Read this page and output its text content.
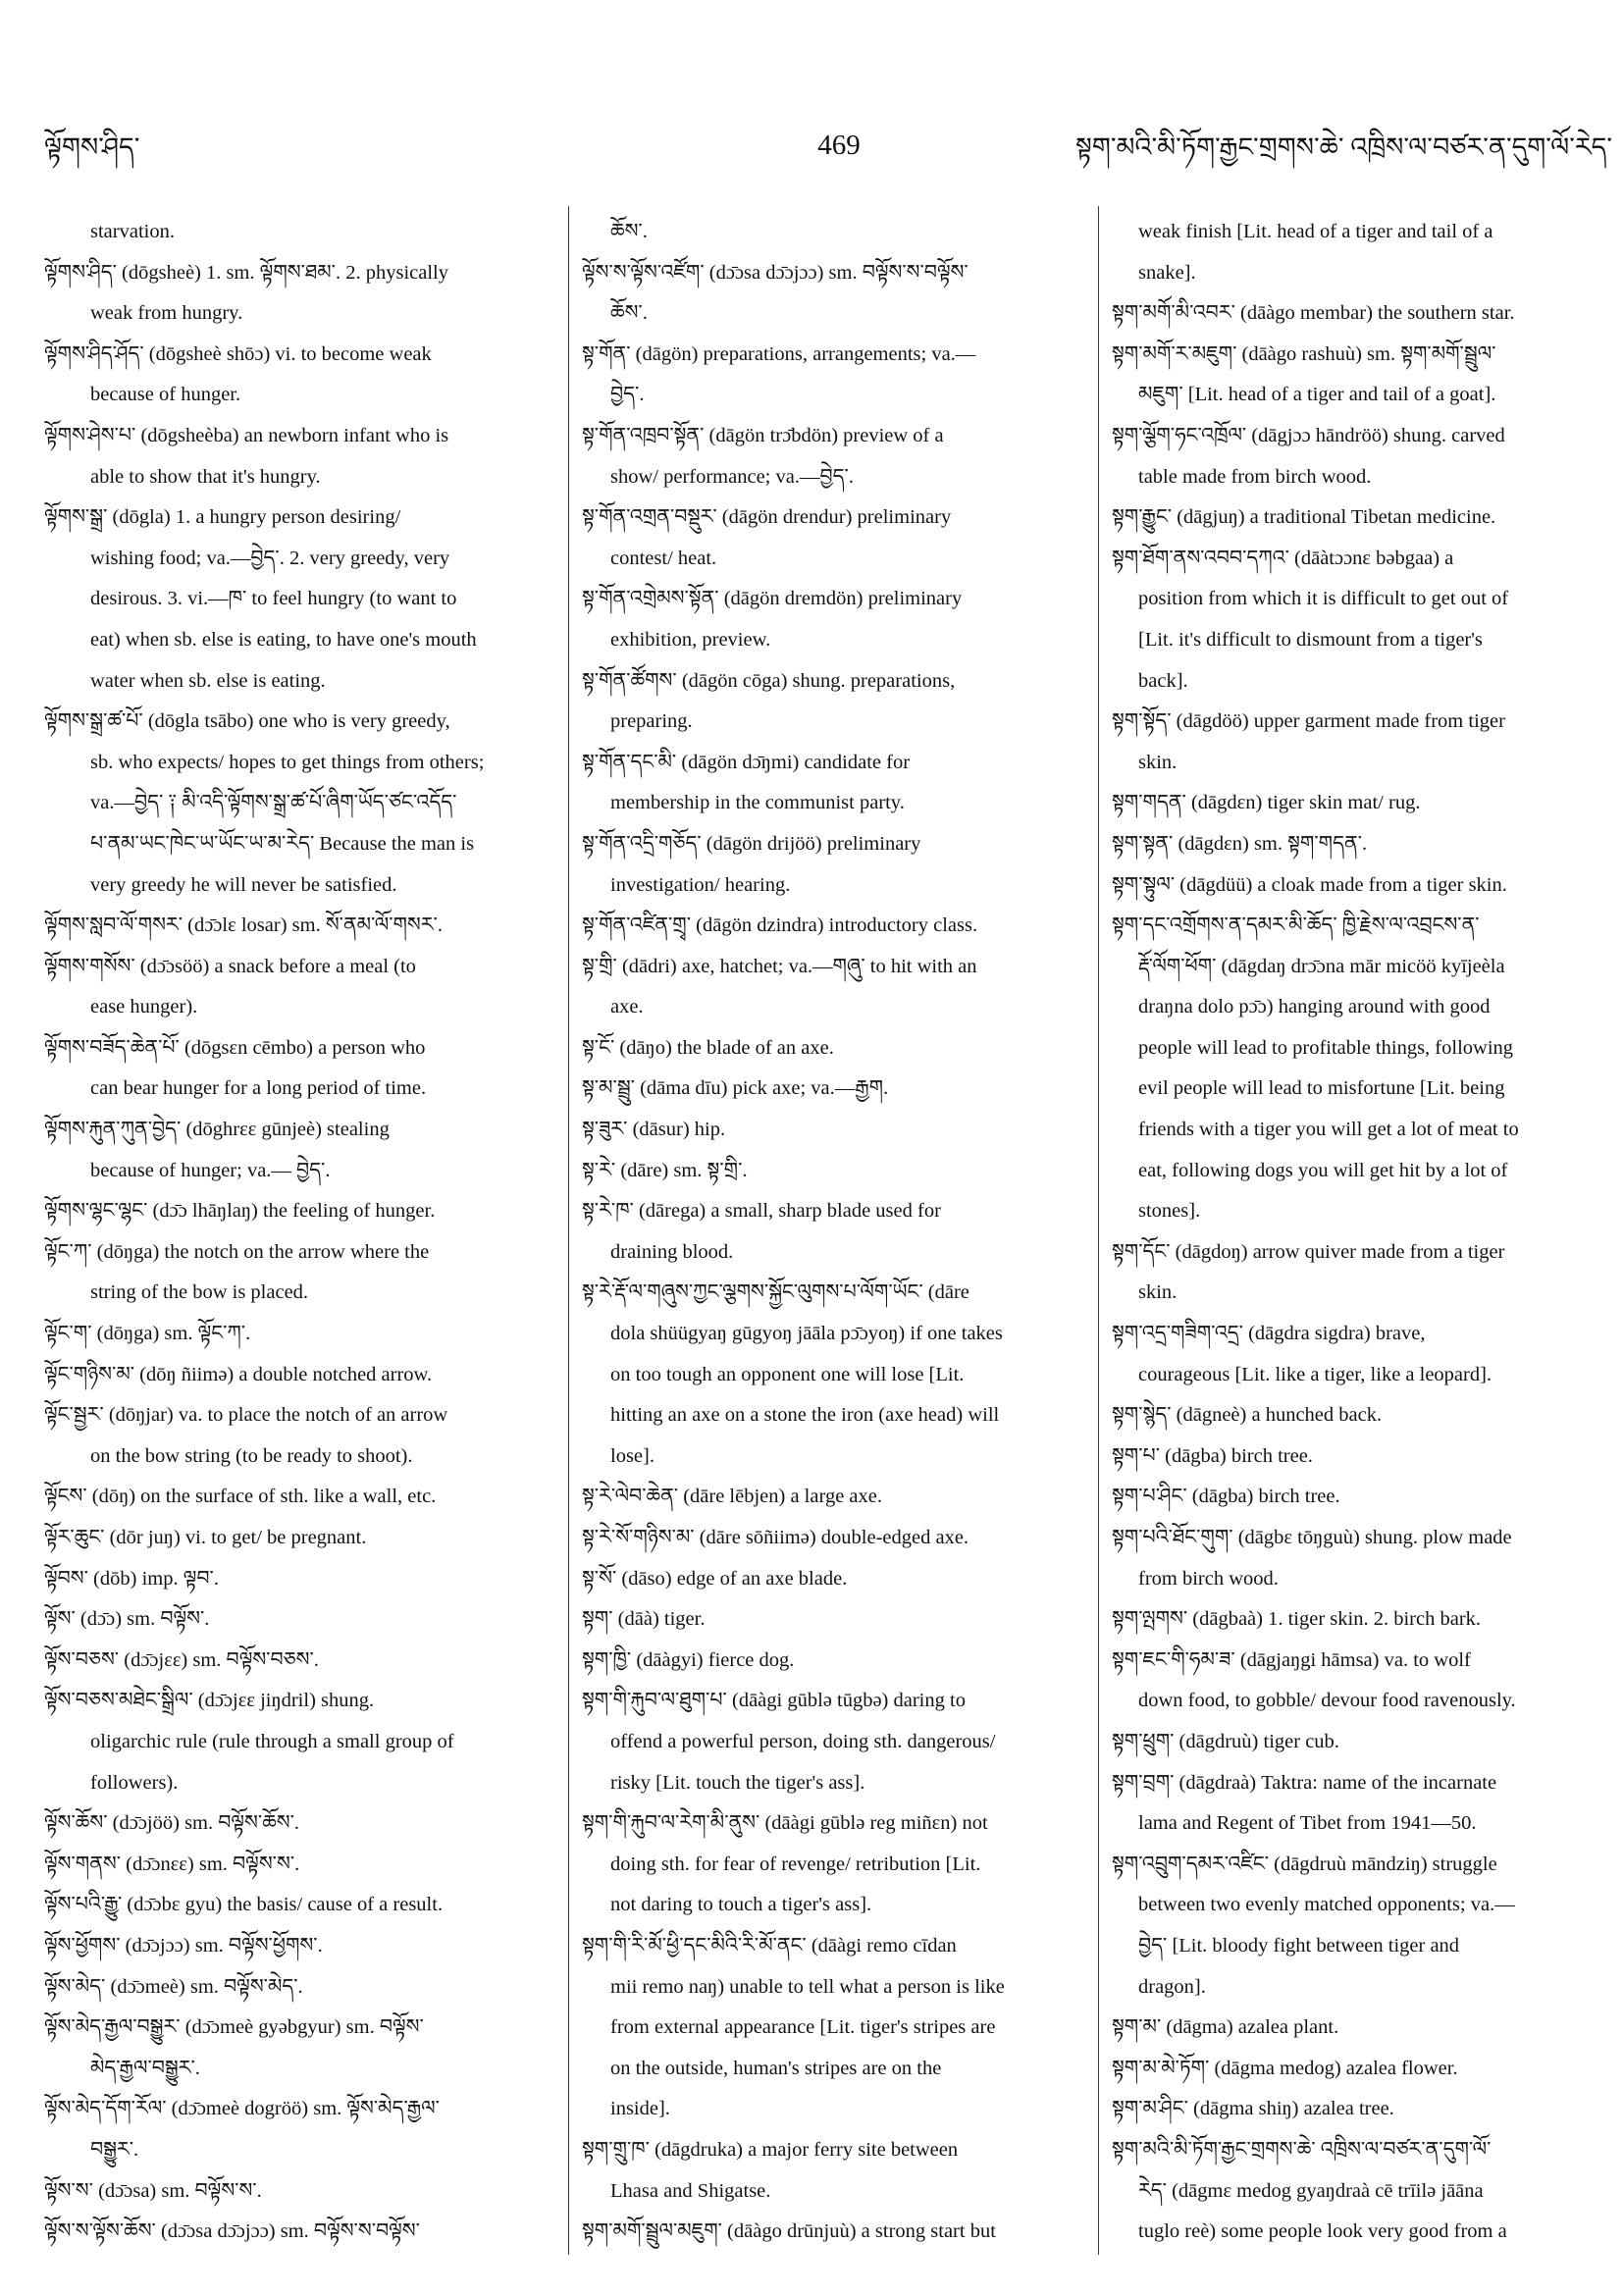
ལྟོགས་ཤིད་	469	སྟག་མའི་མི་ཏོག་རྒྱང་གྲགས་ཆེ་ འཁྲིས་ལ་བཙར་ན་དུག་ལོ་རེད་
starvation.
ལྟོགས་ཤིད་ (dōgsheè) 1. sm. ལྟོགས་ཐམ་. 2. physically
weak from hungry.
ལྟོགས་ཤིད་ཤོད་ (dōgsheè shōɔ) vi. to become weak
because of hunger.
ལྟོགས་ཤེས་པ་ (dōgsheèba) an newborn infant who is
able to show that it's hungry.
ལྟོགས་སྒྲ་ (dōgla) 1. a hungry person desiring/
wishing food; va.—བྱེད་. 2. very greedy, very
desirous. 3. vi.—ཁ་ to feel hungry (to want to
eat) when sb. else is eating, to have one's mouth
water when sb. else is eating.
ལྟོགས་སྒྲ་ཚ་པོ་ (dōgla tsābo) one who is very greedy,
sb. who expects/ hopes to get things from others;
va.—བྱེད་ ༑ མི་འདི་ལྟོགས་སྒྲ་ཚ་པོ་ཞིག་ཡོད་ཙང་འདོད་
པ་ནམ་ཡང་ཁེང་ཡ་ཡོང་ཡ་མ་རེད་ Because the man is
very greedy he will never be satisfied.
ལྟོགས་སླབ་ལོ་གསར་ (dɔ̄ɔlɛ losar) sm. སོ་ནམ་ལོ་གསར་.
ལྟོགས་གསོས་ (dɔ̄ɔsöö) a snack before a meal (to
ease hunger).
ལྟོགས་བཟོད་ཆེན་པོ་ (dōgsɛn cēmbo) a person who
can bear hunger for a long period of time.
ལྟོགས་རྐུན་ཀུན་བྱེད་ (dōghrɛɛ gūnjeè) stealing
because of hunger; va.— བྱེད་.
ལྟོགས་ལྷང་ལྷང་ (dɔ̄ɔ lhāŋlaŋ) the feeling of hunger.
ལྟོང་ཀ་ (dōŋga) the notch on the arrow where the
string of the bow is placed.
ལྟོང་ག་ (dōŋga) sm. ལྟོང་ཀ་.
ལྟོང་གཉིས་མ་ (dōŋ ñiimə) a double notched arrow.
ལྟོང་སྦྱར་ (dōŋjar) va. to place the notch of an arrow
on the bow string (to be ready to shoot).
ལྟོངས་ (dōŋ) on the surface of sth. like a wall, etc.
ལྟོར་ཆུང་ (dōr juŋ) vi. to get/ be pregnant.
ལྟོབས་ (dōb) imp. ལྟབ་.
ལྟོས་ (dɔ̄ɔ) sm. བལྟོས་.
ལྟོས་བཅས་ (dɔ̄ɔjɛɛ) sm. བལྟོས་བཅས་.
ལྟོས་བཅས་མཐེང་སྒྲིལ་ (dɔ̄ɔjɛɛ jiŋdril) shung.
oligarchic rule (rule through a small group of
followers).
ལྟོས་ཆོས་ (dɔ̄ɔjöö) sm. བལྟོས་ཆོས་.
ལྟོས་གནས་ (dɔ̄ɔnɛɛ) sm. བལྟོས་ས་.
ལྟོས་པའི་རྒྱུ་ (dɔ̄ɔbɛ gyu) the basis/ cause of a result.
ལྟོས་ཕྱོགས་ (dɔ̄ɔjɔɔ) sm. བལྟོས་ཕྱོགས་.
ལྟོས་མེད་ (dɔ̄ɔmeè) sm. བལྟོས་མེད་.
ལྟོས་མེད་རྒྱལ་བསྒྱུར་ (dɔ̄ɔmeè gyəbgyur) sm. བལྟོས་
མེད་རྒྱལ་བསྒྱུར་.
ལྟོས་མེད་དོག་རོལ་ (dɔ̄ɔmeè dogröö) sm. ལྟོས་མེད་རྒྱལ་
བསྒྱུར་.
ལྟོས་ས་ (dɔ̄ɔsa) sm. བལྟོས་ས་.
ལྟོས་ས་ལྟོས་ཆོས་ (dɔ̄ɔsa dɔ̄ɔjɔɔ) sm. བལྟོས་ས་བལྟོས་
ཆོས་.
ལྟོས་ས་ལྟོས་འཛོག་ (dɔ̄ɔsa dɔ̄ɔjɔɔ) sm. བལྟོས་ས་བལྟོས་
ཆོས་.
སྟ་གོན་ (dāgön) preparations, arrangements; va.—
བྱེད་.
སྟ་གོན་འཁྲབ་སྟོན་ (dāgön trɔ̄bdön) preview of a
show/ performance; va.—བྱེད་.
སྟ་གོན་འགྲན་བསྡུར་ (dāgön drendur) preliminary
contest/ heat.
སྟ་གོན་འགྲེམས་སྟོན་ (dāgön dremdön) preliminary
exhibition, preview.
སྟ་གོན་ཚོགས་ (dāgön cōga) shung. preparations,
preparing.
སྟ་གོན་དང་མི་ (dāgön dɔ̄ŋmi) candidate for
membership in the communist party.
སྟ་གོན་འདྲི་གཅོད་ (dāgön drijöö) preliminary
investigation/ hearing.
སྟ་གོན་འཛིན་གྲྭ་ (dāgön dzindra) introductory class.
སྟ་གྲི་ (dādri) axe, hatchet; va.—གཞུ་ to hit with an
axe.
སྟ་ངོ་ (dāŋo) the blade of an axe.
སྟ་མ་སྦྲུ་ (dāma dīu) pick axe; va.—རྒྱག.
སྟ་ཟུར་ (dāsur) hip.
སྟ་རེ་ (dāre) sm. སྟ་གྲི་.
སྟ་རེ་ཁ་ (dārega) a small, sharp blade used for
draining blood.
སྟ་རེ་རྡོ་ལ་གཞུས་ཀྱང་ལྕགས་སྐྱོང་ལུགས་པ་ལོག་ཡོང་ (dāre
dola shüügyaŋ gūgyoŋ jāāla pɔ̄ɔyoŋ) if one takes
on too tough an opponent one will lose [Lit.
hitting an axe on a stone the iron (axe head) will
lose].
སྟ་རེ་ལེབ་ཆེན་ (dāre lēbjen) a large axe.
སྟ་རེ་སོ་གཉིས་མ་ (dāre sōñiimə) double-edged axe.
སྟ་སོ་ (dāso) edge of an axe blade.
སྟག་ (dāà) tiger.
སྟག་ཁྱི་ (dāàgyi) fierce dog.
སྟག་གི་རྐུབ་ལ་ཐུག་པ་ (dāàgi gūblə tūgbə) daring to
offend a powerful person, doing sth. dangerous/
risky [Lit. touch the tiger's ass].
སྟག་གི་རྐུབ་ལ་རེག་མི་ནུས་ (dāàgi gūblə reg miñɛn) not
doing sth. for fear of revenge/ retribution [Lit.
not daring to touch a tiger's ass].
སྟག་གི་རི་མོ་ཕྱི་དང་མིའི་རི་མོ་ནང་ (dāàgi remo cīdan
mii remo naŋ) unable to tell what a person is like
from external appearance [Lit. tiger's stripes are
on the outside, human's stripes are on the
inside].
སྟག་གྲུ་ཁ་ (dāgdruka) a major ferry site between
Lhasa and Shigatse.
སྟག་མགོ་སྦྲུལ་མཇུག་ (dāàgo drūnjuù) a strong start but
weak finish [Lit. head of a tiger and tail of a
snake].
སྟག་མགོ་མི་འབར་ (dāàgo membar) the southern star.
སྟག་མགོ་ར་མཇུག་ (dāàgo rashuù) sm. སྟག་མགོ་སྦྲུལ་
མཇུག་ [Lit. head of a tiger and tail of a goat].
སྟག་ལྕོག་ཧང་འཁྲོལ་ (dāgjɔɔ hāndröö) shung. carved
table made from birch wood.
སྟག་རྒྱུང་ (dāgjuŋ) a traditional Tibetan medicine.
སྟག་ཐོག་ནས་འབབ་དཀའ་ (dāàtɔɔnɛ bəbgaa) a
position from which it is difficult to get out of
[Lit. it's difficult to dismount from a tiger's
back].
སྟག་སྟོད་ (dāgdöö) upper garment made from tiger
skin.
སྟག་གདན་ (dāgdɛn) tiger skin mat/ rug.
སྟག་སྟན་ (dāgdɛn) sm. སྟག་གདན་.
སྟག་སྟུལ་ (dāgdüü) a cloak made from a tiger skin.
སྟག་དང་འགྲོགས་ན་དམར་མི་ཆོད་ ཁྱི་རྗེས་ལ་འབྲངས་ན་
རྡོ་ལོག་ཕོག་ (dāgdaŋ drɔ̄ɔna mār micöö kyījeèla
draŋna dolo pɔ̄ɔ) hanging around with good
people will lead to profitable things, following
evil people will lead to misfortune [Lit. being
friends with a tiger you will get a lot of meat to
eat, following dogs you will get hit by a lot of
stones].
སྟག་དོང་ (dāgdoŋ) arrow quiver made from a tiger
skin.
སྟག་འདྲ་གཟིག་འདྲ་ (dāgdra sigdra) brave,
courageous [Lit. like a tiger, like a leopard].
སྟག་སྙེད་ (dāgneè) a hunched back.
སྟག་པ་ (dāgba) birch tree.
སྟག་པ་ཤིང་ (dāgba) birch tree.
སྟག་པའི་ཐོང་གུག་ (dāgbɛ tōŋguù) shung. plow made
from birch wood.
སྟག་ལྤགས་ (dāgbaà) 1. tiger skin. 2. birch bark.
སྟག་ཇང་གི་ཧམ་ཟ་ (dāgjaŋgi hāmsa) va. to wolf
down food, to gobble/ devour food ravenously.
སྟག་ཕྲུག་ (dāgdruù) tiger cub.
སྟག་བྲག་ (dāgdraà) Taktra: name of the incarnate
lama and Regent of Tibet from 1941—50.
སྟག་འབྲུག་དམར་འཛིང་ (dāgdruù māndziŋ) struggle
between two evenly matched opponents; va.—
བྱེད་ [Lit. bloody fight between tiger and
dragon].
སྟག་མ་ (dāgma) azalea plant.
སྟག་མ་མེ་ཏོག་ (dāgma medog) azalea flower.
སྟག་མ་ཤིང་ (dāgma shiŋ) azalea tree.
སྟག་མའི་མི་ཏོག་རྒྱང་གྲགས་ཆེ་ འཁྲིས་ལ་བཙར་ན་དུག་ལོ་
རེད་ (dāgmɛ medog gyaŋdraà cē trīilə jāāna
tuglo reè) some people look very good from a
